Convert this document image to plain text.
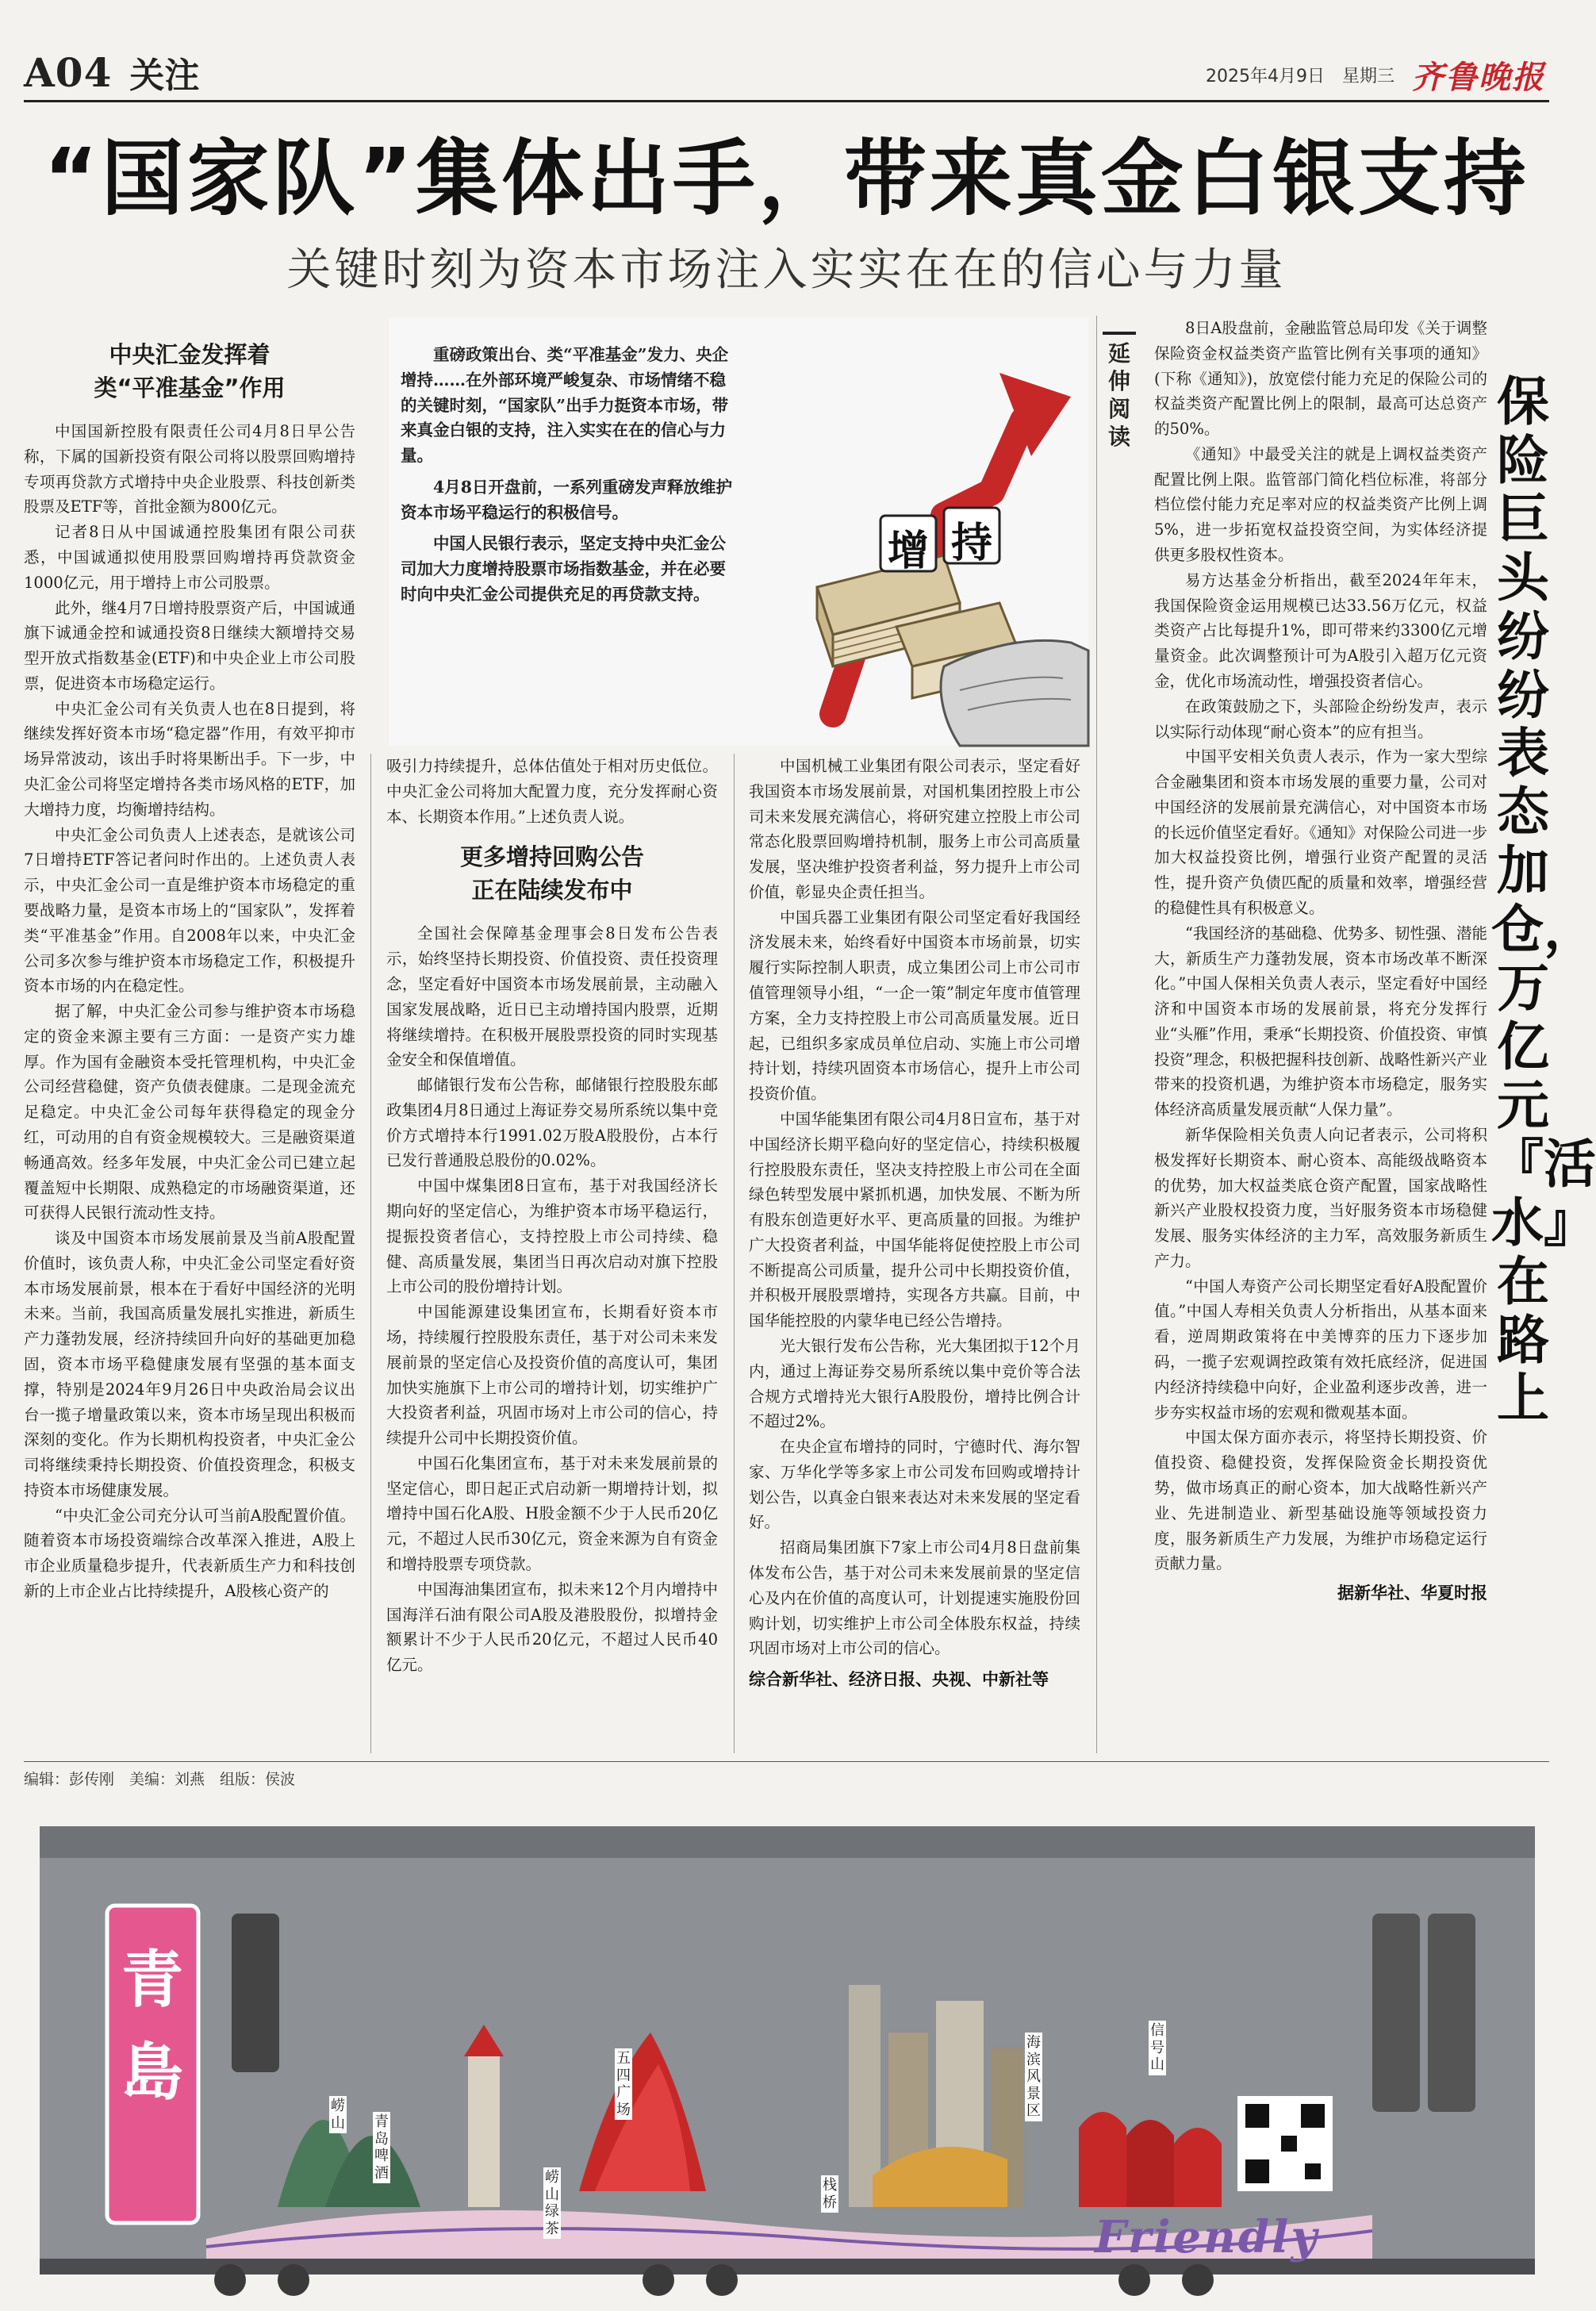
A04 关注	2025年4月9日 星期三 齐鲁晚报
“国家队”集体出手，带来真金白银支持
关键时刻为资本市场注入实实在在的信心与力量
中央汇金发挥着
类“平准基金”作用

中国国新控股有限责任公司4月8日早公告称，下属的国新投资有限公司将以股票回购增持专项再贷款方式增持中央企业股票、科技创新类股票及ETF等，首批金额为800亿元。

记者8日从中国诚通控股集团有限公司获悉，中国诚通拟使用股票回购增持再贷款资金1000亿元，用于增持上市公司股票。

此外，继4月7日增持股票资产后，中国诚通旗下诚通金控和诚通投资8日继续大额增持交易型开放式指数基金(ETF)和中央企业上市公司股票，促进资本市场稳定运行。

中央汇金公司有关负责人也在8日提到，将继续发挥好资本市场“稳定器”作用，有效平抑市场异常波动，该出手时将果断出手。下一步，中央汇金公司将坚定增持各类市场风格的ETF，加大增持力度，均衡增持结构。

中央汇金公司负责人上述表态，是就该公司7日增持ETF答记者问时作出的。上述负责人表示，中央汇金公司一直是维护资本市场稳定的重要战略力量，是资本市场上的“国家队”，发挥着类“平准基金”作用。自2008年以来，中央汇金公司多次参与维护资本市场稳定工作，积极提升资本市场的内在稳定性。

据了解，中央汇金公司参与维护资本市场稳定的资金来源主要有三方面：一是资产实力雄厚。作为国有金融资本受托管理机构，中央汇金公司经营稳健，资产负债表健康。二是现金流充足稳定。中央汇金公司每年获得稳定的现金分红，可动用的自有资金规模较大。三是融资渠道畅通高效。经多年发展，中央汇金公司已建立起覆盖短中长期限、成熟稳定的市场融资渠道，还可获得人民银行流动性支持。

谈及中国资本市场发展前景及当前A股配置价值时，该负责人称，中央汇金公司坚定看好资本市场发展前景，根本在于看好中国经济的光明未来。当前，我国高质量发展扎实推进，新质生产力蓬勃发展，经济持续回升向好的基础更加稳固，资本市场平稳健康发展有坚强的基本面支撑，特别是2024年9月26日中央政治局会议出台一揽子增量政策以来，资本市场呈现出积极而深刻的变化。作为长期机构投资者，中央汇金公司将继续秉持长期投资、价值投资理念，积极支持资本市场健康发展。

“中央汇金公司充分认可当前A股配置价值。随着资本市场投资端综合改革深入推进，A股上市企业质量稳步提升，代表新质生产力和科技创新的上市企业占比持续提升，A股核心资产的

增 持

重磅政策出台、类“平准基金”发力、央企增持……在外部环境严峻复杂、市场情绪不稳的关键时刻，“国家队”出手力挺资本市场，带来真金白银的支持，注入实实在在的信心与力量。

4月8日开盘前，一系列重磅发声释放维护资本市场平稳运行的积极信号。

中国人民银行表示，坚定支持中央汇金公司加大力度增持股票市场指数基金，并在必要时向中央汇金公司提供充足的再贷款支持。

吸引力持续提升，总体估值处于相对历史低位。中央汇金公司将加大配置力度，充分发挥耐心资本、长期资本作用。”上述负责人说。

更多增持回购公告
正在陆续发布中

全国社会保障基金理事会8日发布公告表示，始终坚持长期投资、价值投资、责任投资理念，坚定看好中国资本市场发展前景，主动融入国家发展战略，近日已主动增持国内股票，近期将继续增持。在积极开展股票投资的同时实现基金安全和保值增值。

邮储银行发布公告称，邮储银行控股股东邮政集团4月8日通过上海证券交易所系统以集中竞价方式增持本行1991.02万股A股股份，占本行已发行普通股总股份的0.02%。

中国中煤集团8日宣布，基于对我国经济长期向好的坚定信心，为维护资本市场平稳运行，提振投资者信心，支持控股上市公司持续、稳健、高质量发展，集团当日再次启动对旗下控股上市公司的股份增持计划。

中国能源建设集团宣布，长期看好资本市场，持续履行控股股东责任，基于对公司未来发展前景的坚定信心及投资价值的高度认可，集团加快实施旗下上市公司的增持计划，切实维护广大投资者利益，巩固市场对上市公司的信心，持续提升公司中长期投资价值。

中国石化集团宣布，基于对未来发展前景的坚定信心，即日起正式启动新一期增持计划，拟增持中国石化A股、H股金额不少于人民币20亿元，不超过人民币30亿元，资金来源为自有资金和增持股票专项贷款。

中国海油集团宣布，拟未来12个月内增持中国海洋石油有限公司A股及港股股份，拟增持金额累计不少于人民币20亿元，不超过人民币40亿元。

中国机械工业集团有限公司表示，坚定看好我国资本市场发展前景，对国机集团控股上市公司未来发展充满信心，将研究建立控股上市公司常态化股票回购增持机制，服务上市公司高质量发展，坚决维护投资者利益，努力提升上市公司价值，彰显央企责任担当。

中国兵器工业集团有限公司坚定看好我国经济发展未来，始终看好中国资本市场前景，切实履行实际控制人职责，成立集团公司上市公司市值管理领导小组，“一企一策”制定年度市值管理方案，全力支持控股上市公司高质量发展。近日起，已组织多家成员单位启动、实施上市公司增持计划，持续巩固资本市场信心，提升上市公司投资价值。

中国华能集团有限公司4月8日宣布，基于对中国经济长期平稳向好的坚定信心，持续积极履行控股股东责任，坚决支持控股上市公司在全面绿色转型发展中紧抓机遇，加快发展、不断为所有股东创造更好水平、更高质量的回报。为维护广大投资者利益，中国华能将促使控股上市公司不断提高公司质量，提升公司中长期投资价值，并积极开展股票增持，实现各方共赢。目前，中国华能控股的内蒙华电已经公告增持。

光大银行发布公告称，光大集团拟于12个月内，通过上海证券交易所系统以集中竞价等合法合规方式增持光大银行A股股份，增持比例合计不超过2%。

在央企宣布增持的同时，宁德时代、海尔智家、万华化学等多家上市公司发布回购或增持计划公告，以真金白银来表达对未来发展的坚定看好。

招商局集团旗下7家上市公司4月8日盘前集体发布公告，基于对公司未来发展前景的坚定信心及内在价值的高度认可，计划提速实施股份回购计划，切实维护上市公司全体股东权益，持续巩固市场对上市公司的信心。

综合新华社、经济日报、央视、中新社等
延伸阅读

8日A股盘前，金融监管总局印发《关于调整保险资金权益类资产监管比例有关事项的通知》(下称《通知》)，放宽偿付能力充足的保险公司的权益类资产配置比例上的限制，最高可达总资产的50%。

《通知》中最受关注的就是上调权益类资产配置比例上限。监管部门简化档位标准，将部分档位偿付能力充足率对应的权益类资产比例上调5%，进一步拓宽权益投资空间，为实体经济提供更多股权性资本。

易方达基金分析指出，截至2024年年末，我国保险资金运用规模已达33.56万亿元，权益类资产占比每提升1%，即可带来约3300亿元增量资金。此次调整预计可为A股引入超万亿元资金，优化市场流动性，增强投资者信心。

在政策鼓励之下，头部险企纷纷发声，表示以实际行动体现“耐心资本”的应有担当。

中国平安相关负责人表示，作为一家大型综合金融集团和资本市场发展的重要力量，公司对中国经济的发展前景充满信心，对中国资本市场的长远价值坚定看好。《通知》对保险公司进一步加大权益投资比例，增强行业资产配置的灵活性，提升资产负债匹配的质量和效率，增强经营的稳健性具有积极意义。

“我国经济的基础稳、优势多、韧性强、潜能大，新质生产力蓬勃发展，资本市场改革不断深化。”中国人保相关负责人表示，坚定看好中国经济和中国资本市场的发展前景，将充分发挥行业“头雁”作用，秉承“长期投资、价值投资、审慎投资”理念，积极把握科技创新、战略性新兴产业带来的投资机遇，为维护资本市场稳定，服务实体经济高质量发展贡献“人保力量”。

新华保险相关负责人向记者表示，公司将积极发挥好长期资本、耐心资本、高能级战略资本的优势，加大权益类底仓资产配置，国家战略性新兴产业股权投资力度，当好服务资本市场稳健发展、服务实体经济的主力军，高效服务新质生产力。

“中国人寿资产公司长期坚定看好A股配置价值。”中国人寿相关负责人分析指出，从基本面来看，逆周期政策将在中美博弈的压力下逐步加码，一揽子宏观调控政策有效托底经济，促进国内经济持续稳中向好，企业盈利逐步改善，进一步夯实权益市场的宏观和微观基本面。

中国太保方面亦表示，将坚持长期投资、价值投资、稳健投资，发挥保险资金长期投资优势，做市场真正的耐心资本，加大战略性新兴产业、先进制造业、新型基础设施等领域投资力度，服务新质生产力发展，为维护市场稳定运行贡献力量。

据新华社、华夏时报
保险巨头纷纷表态加仓，万亿元『活水』在路上
编辑：彭传刚　美编：刘燕　组版：侯波
青
島	崂山 青岛啤酒
五四广场
崂山绿茶
栈桥
海滨风景区
信号山
Friendly
